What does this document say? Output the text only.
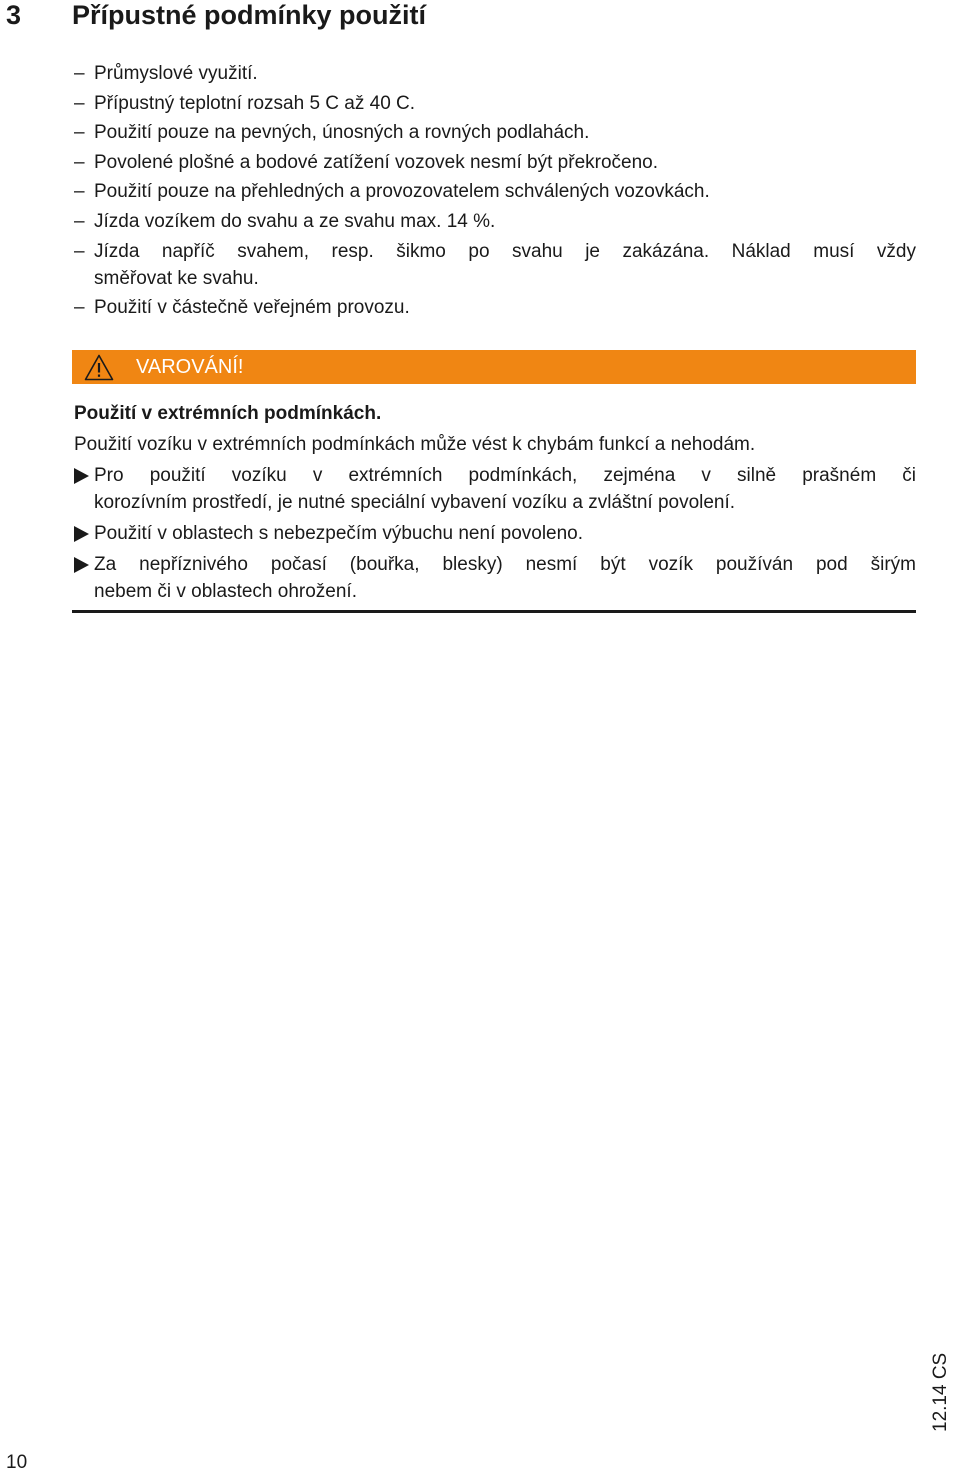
3 Přípustné podmínky použití
– Průmyslové využití.
– Přípustný teplotní rozsah 5 C až 40 C.
– Použití pouze na pevných, únosných a rovných podlahách.
– Povolené plošné a bodové zatížení vozovek nesmí být překročeno.
– Použití pouze na přehledných a provozovatelem schválených vozovkách.
– Jízda vozíkem do svahu a ze svahu max. 14 %.
– Jízda napříč svahem, resp. šikmo po svahu je zakázána. Náklad musí vždy
směřovat ke svahu.
– Použití v částečně veřejném provozu.
VAROVÁNÍ!

Použití v extrémních podmínkách.

Použití vozíku v extrémních podmínkách může vést k chybám funkcí a nehodám.

Pro použití vozíku v extrémních podmínkách, zejména v silně prašném či
korozívním prostředí, je nutné speciální vybavení vozíku a zvláštní povolení.
Použití v oblastech s nebezpečím výbuchu není povoleno.
Za nepříznivého počasí (bouřka, blesky) nesmí být vozík používán pod širým
nebem či v oblastech ohrožení.
10
12.14 CS
